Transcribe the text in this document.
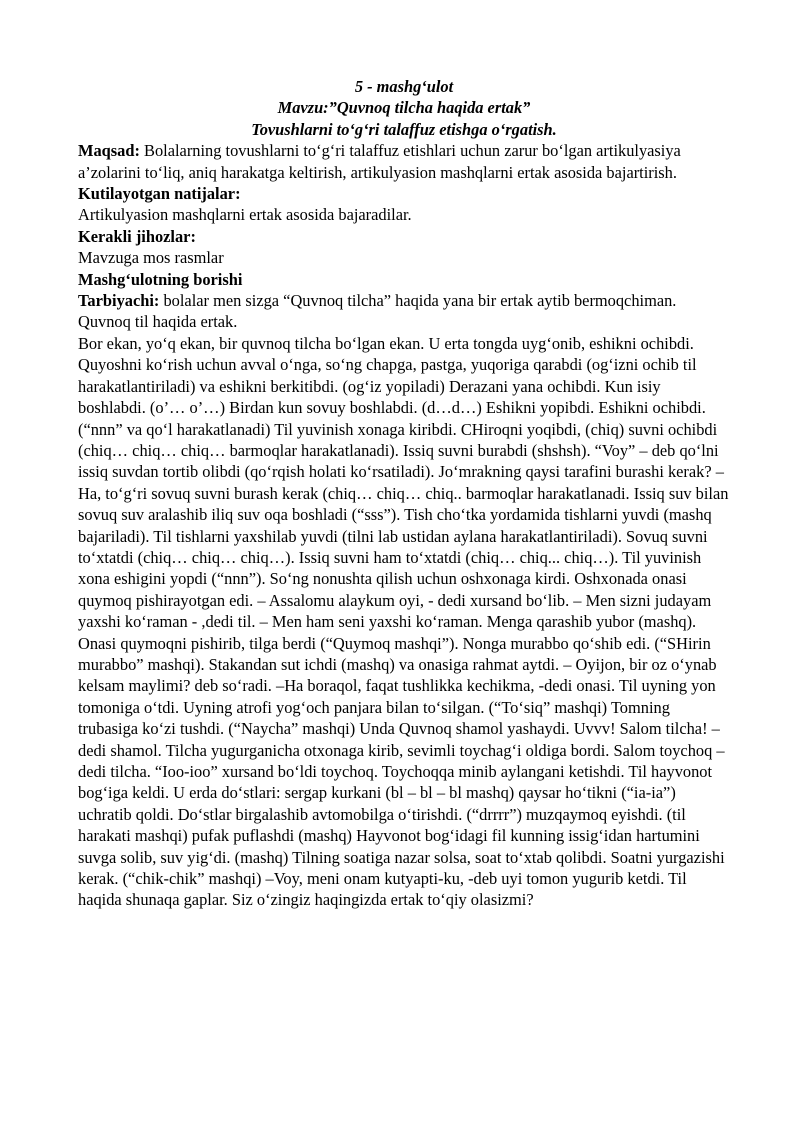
5 - mashg‘ulot

Mavzu:”Quvnoq tilcha haqida ertak”

Tovushlarni to‘g‘ri talaffuz etishga o‘rgatish.

Maqsad: Bolalarning tovushlarni to‘g‘ri talaffuz etishlari uchun zarur bo‘lgan artikulyasiya a’zolarini to‘liq, aniq harakatga keltirish, artikulyasion mashqlarni ertak asosida bajartirish.

Kutilayotgan natijalar:

Artikulyasion mashqlarni ertak asosida bajaradilar.

Kerakli jihozlar:

Mavzuga mos rasmlar

Mashg‘ulotning borishi

Tarbiyachi: bolalar men sizga “Quvnoq tilcha” haqida yana bir ertak aytib bermoqchiman.

Quvnoq til haqida ertak.

Bor ekan, yo‘q ekan, bir quvnoq tilcha bo‘lgan ekan. U erta tongda uyg‘onib, eshikni ochibdi. Quyoshni ko‘rish uchun avval o‘nga, so‘ng chapga, pastga, yuqoriga qarabdi (og‘izni ochib til harakatlantiriladi) va eshikni berkitibdi. (og‘iz yopiladi) Derazani yana ochibdi. Kun isiy boshlabdi. (o’… o’…) Birdan kun sovuy boshlabdi. (d…d…) Eshikni yopibdi. Eshikni ochibdi. (“nnn” va qo‘l harakatlanadi) Til yuvinish xonaga kiribdi. CHiroqni yoqibdi, (chiq) suvni ochibdi (chiq… chiq… chiq… barmoqlar harakatlanadi). Issiq suvni burabdi (shshsh). “Voy” – deb qo‘lni issiq suvdan tortib olibdi (qo‘rqish holati ko‘rsatiladi). Jo‘mrakning qaysi tarafini burashi kerak? – Ha, to‘g‘ri sovuq suvni burash kerak (chiq… chiq… chiq.. barmoqlar harakatlanadi. Issiq suv bilan sovuq suv aralashib iliq suv oqa boshladi (“sss”). Tish cho‘tka yordamida tishlarni yuvdi (mashq bajariladi). Til tishlarni yaxshilab yuvdi (tilni lab ustidan aylana harakatlantiriladi). Sovuq suvni to‘xtatdi (chiq… chiq… chiq…). Issiq suvni ham to‘xtatdi (chiq… chiq... chiq…). Til yuvinish xona eshigini yopdi (“nnn”). So‘ng nonushta qilish uchun oshxonaga kirdi. Oshxonada onasi quymoq pishirayotgan edi. – Assalomu alaykum oyi, - dedi xursand bo‘lib. – Men sizni judayam yaxshi ko‘raman - ,dedi til. – Men ham seni yaxshi ko‘raman. Menga qarashib yubor (mashq). Onasi quymoqni pishirib, tilga berdi (“Quymoq mashqi”). Nonga murabbo qo‘shib edi. (“SHirin murabbo” mashqi). Stakandan sut ichdi (mashq) va onasiga rahmat aytdi. – Oyijon, bir oz o‘ynab kelsam maylimi? deb so‘radi. –Ha boraqol, faqat tushlikka kechikma, -dedi onasi. Til uyning yon tomoniga o‘tdi. Uyning atrofi yog‘och panjara bilan to‘silgan. (“To‘siq” mashqi) Tomning trubasiga ko‘zi tushdi. (“Naycha” mashqi) Unda Quvnoq shamol yashaydi. Uvvv! Salom tilcha! –dedi shamol. Tilcha yugurganicha otxonaga kirib, sevimli toychag‘i oldiga bordi. Salom toychoq –dedi tilcha. “Ioo-ioo” xursand bo‘ldi toychoq. Toychoqqa minib aylangani ketishdi. Til hayvonot bog‘iga keldi. U erda do‘stlari: sergap kurkani (bl – bl – bl mashq) qaysar ho‘tikni (“ia-ia”) uchratib qoldi. Do‘stlar birgalashib avtomobilga o‘tirishdi. (“drrrr”) muzqaymoq eyishdi. (til harakati mashqi) pufak puflashdi (mashq) Hayvonot bog‘idagi fil kunning issig‘idan hartumini suvga solib, suv yig‘di. (mashq) Tilning soatiga nazar solsa, soat to‘xtab qolibdi. Soatni yurgazishi kerak. (“chik-chik” mashqi) –Voy, meni onam kutyapti-ku, -deb uyi tomon yugurib ketdi. Til haqida shunaqa gaplar. Siz o‘zingiz haqingizda ertak to‘qiy olasizmi?
